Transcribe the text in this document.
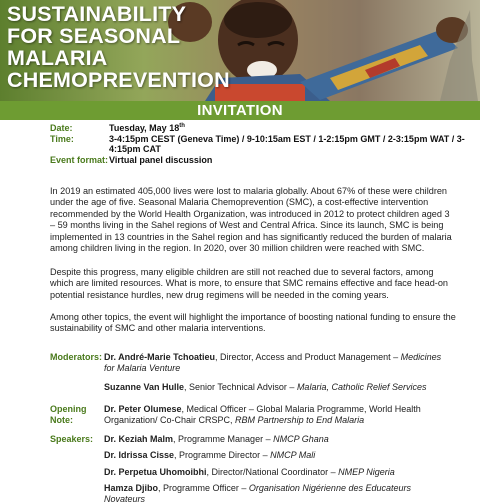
SUSTAINABILITY
FOR SEASONAL
MALARIA
CHEMOPREVENTION
INVITATION
Date:	Tuesday, May 18th
Time:	3-4:15pm CEST (Geneva Time) / 9-10:15am EST / 1-2:15pm GMT / 2-3:15pm WAT / 3-4:15pm CAT
Event format: Virtual panel discussion

In 2019 an estimated 405,000 lives were lost to malaria globally. About 67% of these were children under the age of five. Seasonal Malaria Chemoprevention (SMC), a cost-effective intervention recommended by the World Health Organization, was introduced in 2012 to protect children aged 3 – 59 months living in the Sahel regions of West and Central Africa. Since its launch, SMC is being implemented in 13 countries in the Sahel region and has significantly reduced the burden of malaria among children living in the region. In 2020, over 30 million children were reached with SMC.

Despite this progress, many eligible children are still not reached due to several factors, among which are limited resources. What is more, to ensure that SMC remains effective and face head-on potential resistance hurdles, new drug regimens will be needed in the coming years.

Among other topics, the event will highlight the importance of boosting national funding to ensure the sustainability of SMC and other malaria interventions.

Moderators: Dr. André-Marie Tchoatieu, Director, Access and Product Management – Medicines for Malaria Venture
Suzanne Van Hulle, Senior Technical Advisor – Malaria, Catholic Relief Services
Opening
Note:
Dr. Peter Olumese, Medical Officer – Global Malaria Programme, World Health Organization/ Co-Chair CRSPC, RBM Partnership to End Malaria
Speakers:	Dr. Keziah Malm, Programme Manager – NMCP Ghana
Dr. Idrissa Cisse, Programme Director – NMCP Mali
Dr. Perpetua Uhomoibhi, Director/National Coordinator – NMEP Nigeria
Hamza Djibo, Programme Officer – Organisation Nigérienne des Educateurs Novateurs
